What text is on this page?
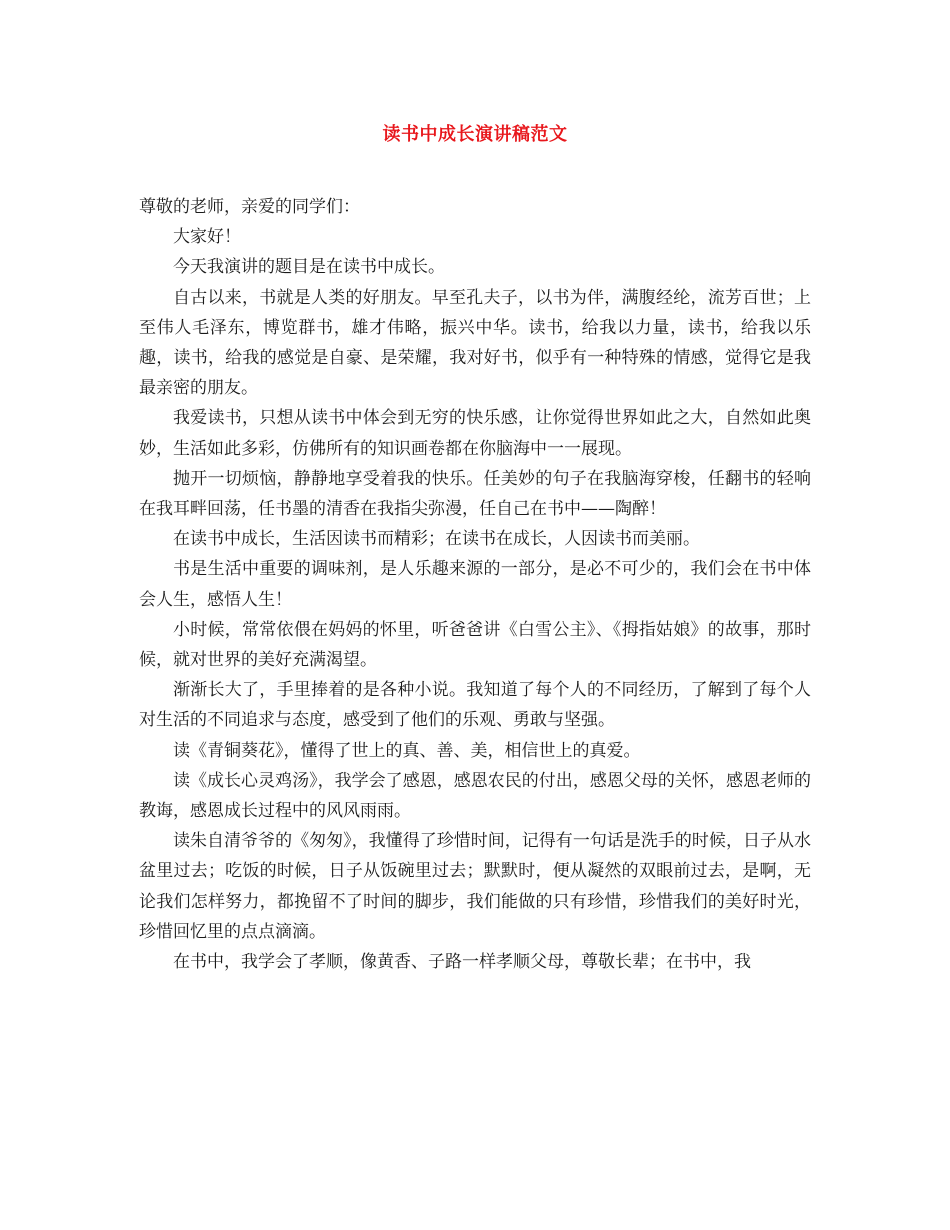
读书中成长演讲稿范文

尊敬的老师，亲爱的同学们：

大家好！

今天我演讲的题目是在读书中成长。

自古以来，书就是人类的好朋友。早至孔夫子，以书为伴，满腹经纶，流芳百世；上至伟人毛泽东，博览群书，雄才伟略，振兴中华。读书，给我以力量，读书，给我以乐趣，读书，给我的感觉是自豪、是荣耀，我对好书，似乎有一种特殊的情感，觉得它是我最亲密的朋友。

我爱读书，只想从读书中体会到无穷的快乐感，让你觉得世界如此之大，自然如此奥妙，生活如此多彩，仿佛所有的知识画卷都在你脑海中一一展现。

抛开一切烦恼，静静地享受着我的快乐。任美妙的句子在我脑海穿梭，任翻书的轻响在我耳畔回荡，任书墨的清香在我指尖弥漫，任自己在书中——陶醉！

在读书中成长，生活因读书而精彩；在读书在成长，人因读书而美丽。

书是生活中重要的调味剂，是人乐趣来源的一部分，是必不可少的，我们会在书中体会人生，感悟人生！

小时候，常常依偎在妈妈的怀里，听爸爸讲《白雪公主》、《拇指姑娘》的故事，那时候，就对世界的美好充满渴望。

渐渐长大了，手里捧着的是各种小说。我知道了每个人的不同经历，了解到了每个人对生活的不同追求与态度，感受到了他们的乐观、勇敢与坚强。

读《青铜葵花》，懂得了世上的真、善、美，相信世上的真爱。

读《成长心灵鸡汤》，我学会了感恩，感恩农民的付出，感恩父母的关怀，感恩老师的教诲，感恩成长过程中的风风雨雨。

读朱自清爷爷的《匆匆》，我懂得了珍惜时间，记得有一句话是洗手的时候，日子从水盆里过去；吃饭的时候，日子从饭碗里过去；默默时，便从凝然的双眼前过去，是啊，无论我们怎样努力，都挽留不了时间的脚步，我们能做的只有珍惜，珍惜我们的美好时光，珍惜回忆里的点点滴滴。

在书中，我学会了孝顺，像黄香、子路一样孝顺父母，尊敬长辈；在书中，我
